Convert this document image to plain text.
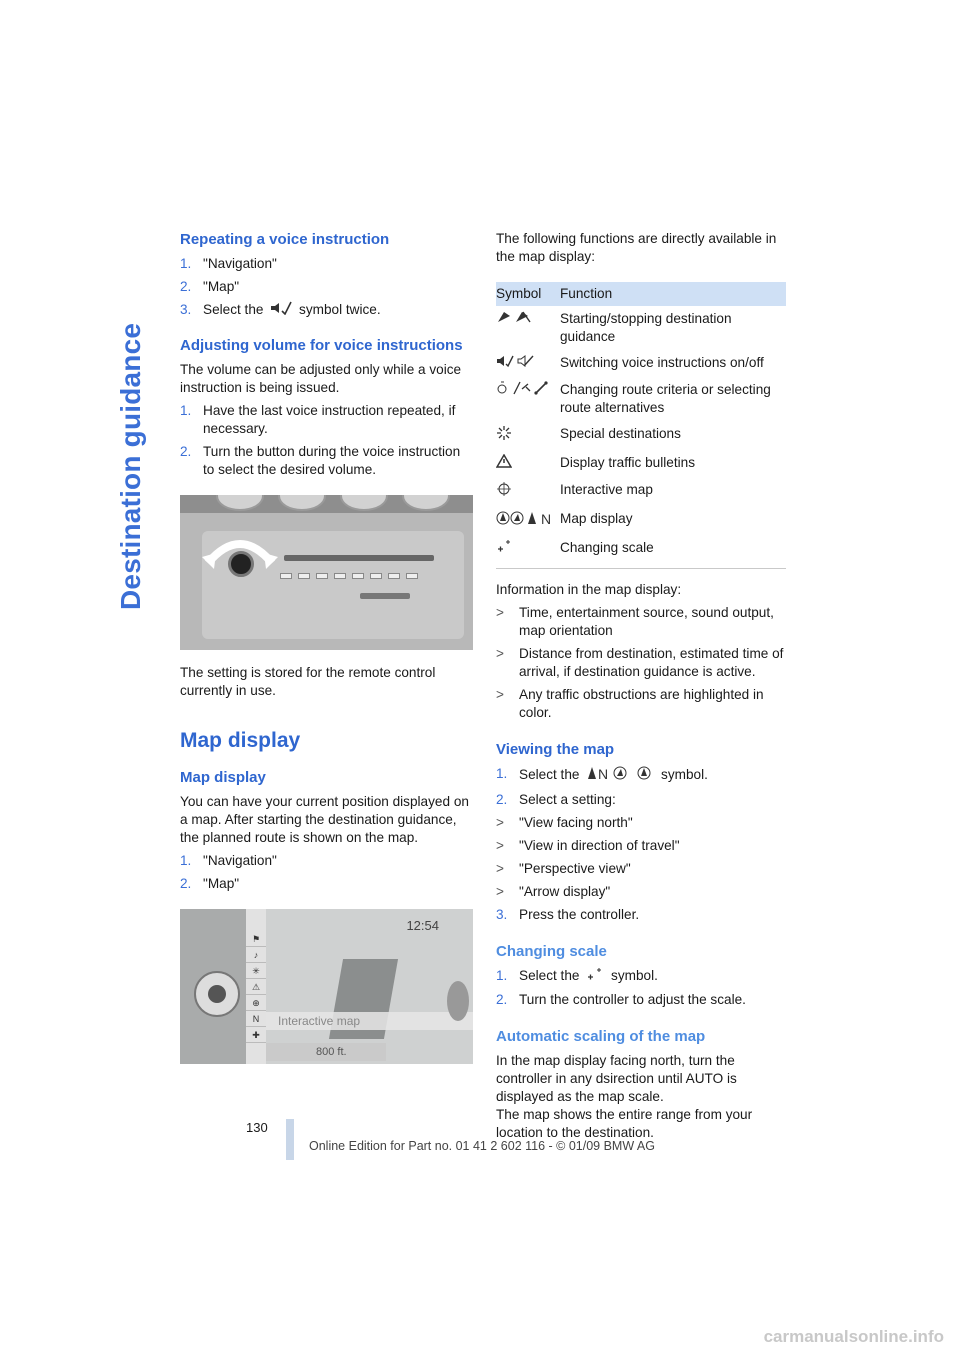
Destination guidance
Repeating a voice instruction
1. "Navigation"
2. "Map"
3. Select the	symbol twice.
Adjusting volume for voice instructions

The volume can be adjusted only while a voice instruction is being issued.

1. Have the last voice instruction repeated, if necessary.
2. Turn the button during the voice instruction to select the desired volume.

The setting is stored for the remote control currently in use.

Map display
Map display

You can have your current position displayed on a map. After starting the destination guidance, the planned route is shown on the map.

1. "Navigation"
2. "Map"
12:54
Interactive map
800 ft.
⚑
♪
✳
⚠
⊕
N
✚

The following functions are directly available in the map display:

Symbol	Function
	Starting/stopping destination guidance
	Switching voice instructions on/off
	Changing route criteria or selecting route alternatives
	Special destinations
	Display traffic bulletins
	Interactive map

N	Map display
	Changing scale

Information in the map display:

>	Time, entertainment source, sound output, map orientation
>	Distance from destination, estimated time of arrival, if destination guidance is active.
>	Any traffic obstructions are highlighted in color.
Viewing the map
1. Select the N	symbol.
2. Select a setting:
>	"View facing north"
>	"View in direction of travel"
>	"Perspective view"
>	"Arrow display"
3. Press the controller.
Changing scale
1. Select the symbol.
2. Turn the controller to adjust the scale.
Automatic scaling of the map

In the map display facing north, turn the controller in any dsirection until AUTO is displayed as the map scale.

The map shows the entire range from your location to the destination.

130
Online Edition for Part no. 01 41 2 602 116 - © 01/09 BMW AG
carmanualsonline.info
